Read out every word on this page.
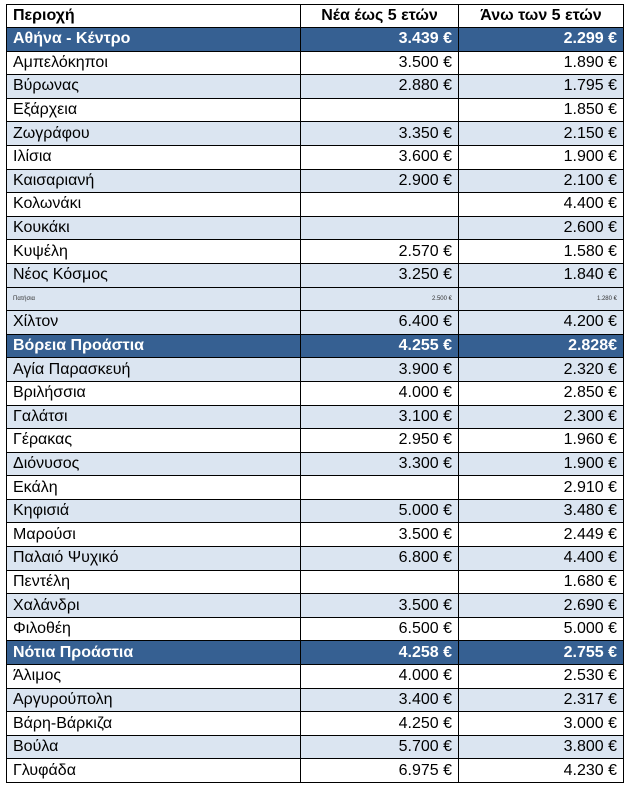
Περιοχή	Νέα έως 5 ετών	Άνω των 5 ετών
Αθήνα - Κέντρο	3.439 €	2.299 €
Αμπελόκηποι	3.500 €	1.890 €
Βύρωνας	2.880 €	1.795 €
Εξάρχεια		1.850 €
Ζωγράφου	3.350 €	2.150 €
Ιλίσια	3.600 €	1.900 €
Καισαριανή	2.900 €	2.100 €
Κολωνάκι		4.400 €
Κουκάκι		2.600 €
Κυψέλη	2.570 €	1.580 €
Νέος Κόσμος	3.250 €	1.840 €
Πατήσια	2.500 €	1.280 €
Χίλτον	6.400 €	4.200 €
Βόρεια Προάστια	4.255 €	2.828€
Αγία Παρασκευή	3.900 €	2.320 €
Βριλήσσια	4.000 €	2.850 €
Γαλάτσι	3.100 €	2.300 €
Γέρακας	2.950 €	1.960 €
Διόνυσος	3.300 €	1.900 €
Εκάλη		2.910 €
Κηφισιά	5.000 €	3.480 €
Μαρούσι	3.500 €	2.449 €
Παλαιό Ψυχικό	6.800 €	4.400 €
Πεντέλη		1.680 €
Χαλάνδρι	3.500 €	2.690 €
Φιλοθέη	6.500 €	5.000 €
Νότια Προάστια	4.258 €	2.755 €
Άλιμος	4.000 €	2.530 €
Αργυρούπολη	3.400 €	2.317 €
Βάρη-Βάρκιζα	4.250 €	3.000 €
Βούλα	5.700 €	3.800 €
Γλυφάδα	6.975 €	4.230 €
